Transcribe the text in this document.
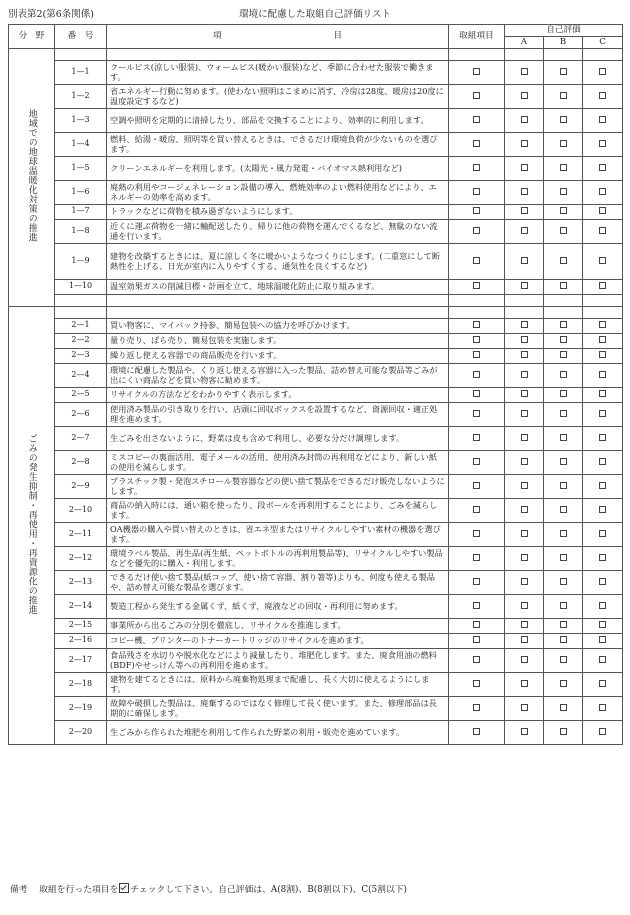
別表第2(第6条関係)	環境に配慮した取組自己評価リスト
分　野	番　号	項　　　　　　　　　　　　　目	取組項目	自己評価		
				A	B	C
地域での地球温暖化対策の推進						
	1—1	クールビス(涼しい服装)、ウォームビス(暖かい服装)など、季節に合わせた服装で働きます。				
	1—2	省エネルギー行動に努めます。(使わない照明はこまめに消す、冷房は28度、暖房は20度に温度設定するなど)				
	1—3	空調や照明を定期的に清掃したり、部品を交換することにより、効率的に利用します。				
	1—4	燃料、給湯・暖房、照明等を買い替えるときは、できるだけ環境負荷が少ないものを選びます。				
	1—5	クリーンエネルギーを利用します。(太陽光・風力発電・バイオマス熱利用など)				
	1—6	廃熱の利用やコージェネレーション設備の導入、燃焼効率のよい燃料使用などにより、エネルギーの効率を高めます。				
	1—7	トラックなどに荷物を積み過ぎないようにします。				
	1—8	近くに運ぶ荷物を一緒に輸配送したり、帰りに他の荷物を運んでくるなど、無駄のない流通を行います。				
	1—9	建物を改築するときには、夏に涼しく冬に暖かいようなつくりにします。(二重窓にして断熱性を上げる、日光が室内に入りやすくする、通気性を良くするなど)				
	1—10	温室効果ガスの削減目標・計画を立て、地球温暖化防止に取り組みます。				

ごみの発生抑制・再使用・再資源化の推進						
	2—1	買い物客に、マイバック持参、簡易包装への協力を呼びかけます。				
	2—2	量り売り、ばら売り、簡易包装を実施します。				
	2—3	繰り返し使える容器での商品販売を行います。				
	2—4	環境に配慮した製品や、くり返し使える容器に入った製品、詰め替え可能な製品等ごみが出にくい商品などを買い物客に勧めます。				
	2—5	リサイクルの方法などをわかりやすく表示します。				
	2—6	使用済み製品の引き取りを行い、店頭に回収ボックスを設置するなど、資源回収・適正処理を進めます。				
	2—7	生ごみを出さないように、野菜は皮も含めて利用し、必要な分だけ調理します。				
	2—8	ミスコピーの裏面活用、電子メールの活用、使用済み封筒の再利用などにより、新しい紙の使用を減らします。				
	2—9	プラスチック製・発泡スチロール製容器などの使い捨て製品をできるだけ販売しないようにします。				
	2—10	商品の納入時には、通い箱を使ったり、段ボールを再利用することにより、ごみを減らします。				
	2—11	OA機器の購入や買い替えのときは、省エネ型またはリサイクルしやすい素材の機器を選びます。				
	2—12	環境ラベル製品、再生品(再生紙、ペットボトルの再利用製品等)、リサイクルしやすい製品などを優先的に購入・利用します。				
	2—13	できるだけ使い捨て製品(紙コップ、使い捨て容器、割り箸等)よりも、何度も使える製品や、詰め替え可能な製品を選びます。				
	2—14	製造工程から発生する金属くず、紙くず、廃液などの回収・再利用に努めます。				
	2—15	事業所から出るごみの分別を徹底し、リサイクルを推進します。				
	2—16	コピー機、プリンターのトナーカートリッジのリサイクルを進めます。				
	2—17	食品残さを水切りや脱水化などにより減量したり、堆肥化します。また、廃食用油の燃料(BDF)やせっけん等への再利用を進めます。				
	2—18	建物を建てるときには、原料から廃棄物処理まで配慮し、長く大切に使えるようにします。				
	2—19	故障や破損した製品は、廃棄するのではなく修理して長く使います。また、修理部品は長期的に確保します。				
	2—20	生ごみから作られた堆肥を利用して作られた野菜の利用・販売を進めています。				
備考　 取組を行った項目を チェックして下さい。自己評価は、A(8割)、B(8割以下)、C(5割以下)
